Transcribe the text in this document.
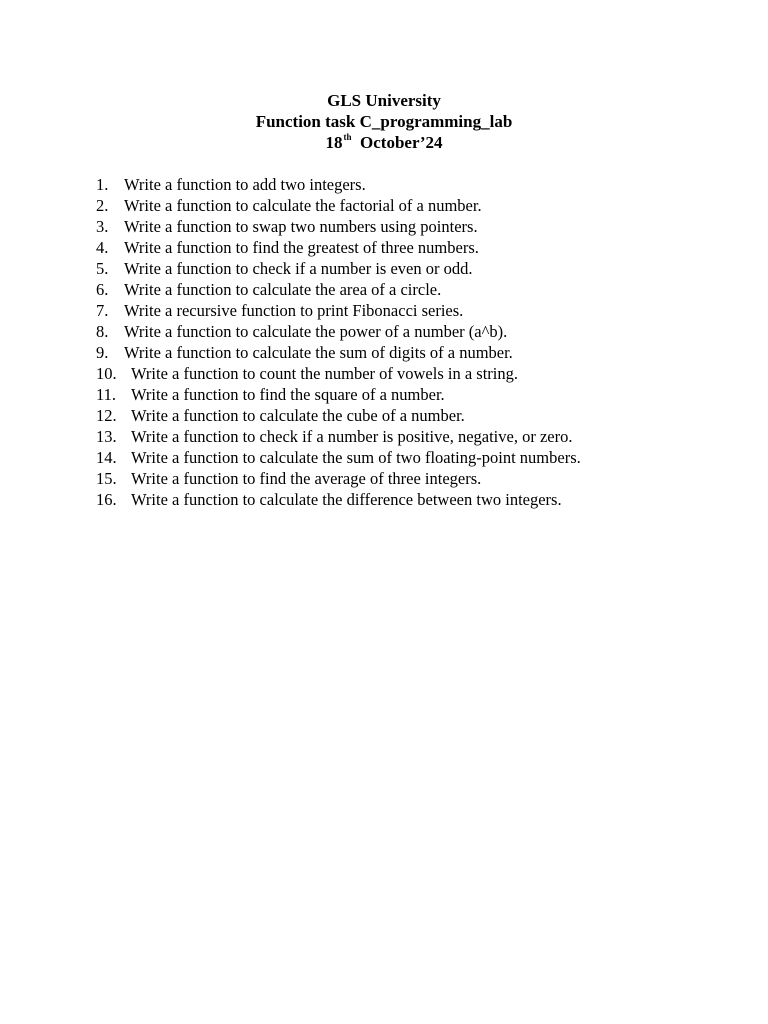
GLS University
Function task C_programming_lab
18th October’24
1. Write a function to add two integers.
2. Write a function to calculate the factorial of a number.
3. Write a function to swap two numbers using pointers.
4. Write a function to find the greatest of three numbers.
5. Write a function to check if a number is even or odd.
6. Write a function to calculate the area of a circle.
7. Write a recursive function to print Fibonacci series.
8. Write a function to calculate the power of a number (a^b).
9. Write a function to calculate the sum of digits of a number.
10. Write a function to count the number of vowels in a string.
11. Write a function to find the square of a number.
12. Write a function to calculate the cube of a number.
13. Write a function to check if a number is positive, negative, or zero.
14. Write a function to calculate the sum of two floating-point numbers.
15. Write a function to find the average of three integers.
16. Write a function to calculate the difference between two integers.
